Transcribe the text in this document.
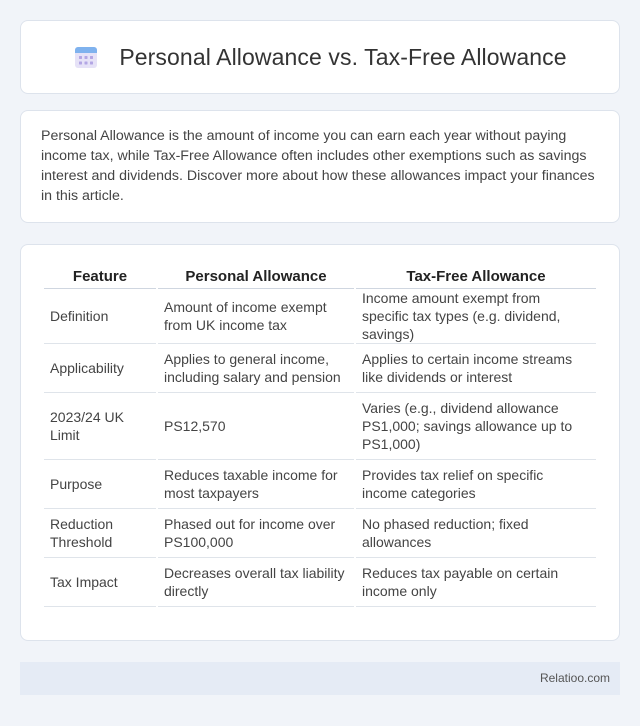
Personal Allowance vs. Tax-Free Allowance

Personal Allowance is the amount of income you can earn each year without paying income tax, while Tax-Free Allowance often includes other exemptions such as savings interest and dividends. Discover more about how these allowances impact your finances in this article.

Feature	Personal Allowance	Tax-Free Allowance
Definition	Amount of income exempt from UK income tax	Income amount exempt from specific tax types (e.g. dividend, savings)
Applicability	Applies to general income, including salary and pension	Applies to certain income streams like dividends or interest
2023/24 UK Limit	PS12,570	Varies (e.g., dividend allowance PS1,000; savings allowance up to PS1,000)
Purpose	Reduces taxable income for most taxpayers	Provides tax relief on specific income categories
Reduction Threshold	Phased out for income over PS100,000	No phased reduction; fixed allowances
Tax Impact	Decreases overall tax liability directly	Reduces tax payable on certain income only
Relatioo.com
